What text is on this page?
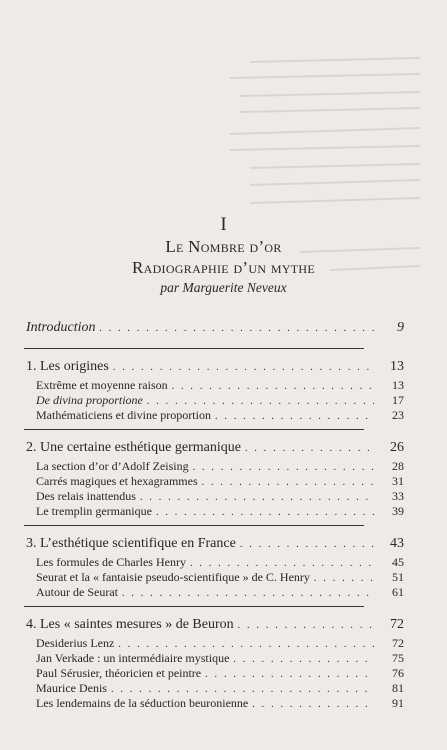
I
Le Nombre d’or
Radiographie d’un mythe
par Marguerite Neveux
Introduction . . .	9
1. Les origines . . .	13
Extrême et moyenne raison . . .	13
De divina proportione . . .	17
Mathématiciens et divine proportion . . .	23
2. Une certaine esthétique germanique . . .	26
La section d’or d’Adolf Zeising . . .	28
Carrés magiques et hexagrammes . . .	31
Des relais inattendus . . .	33
Le tremplin germanique . . .	39
3. L’esthétique scientifique en France . . .	43
Les formules de Charles Henry . . .	45
Seurat et la « fantaisie pseudo-scientifique » de C. Henry . . .	51
Autour de Seurat . . .	61
4. Les « saintes mesures » de Beuron . . .	72
Desiderius Lenz . . .	72
Jan Verkade : un intermédiaire mystique . . .	75
Paul Sérusier, théoricien et peintre . . .	76
Maurice Denis . . .	81
Les lendemains de la séduction beuronienne . . .	91
